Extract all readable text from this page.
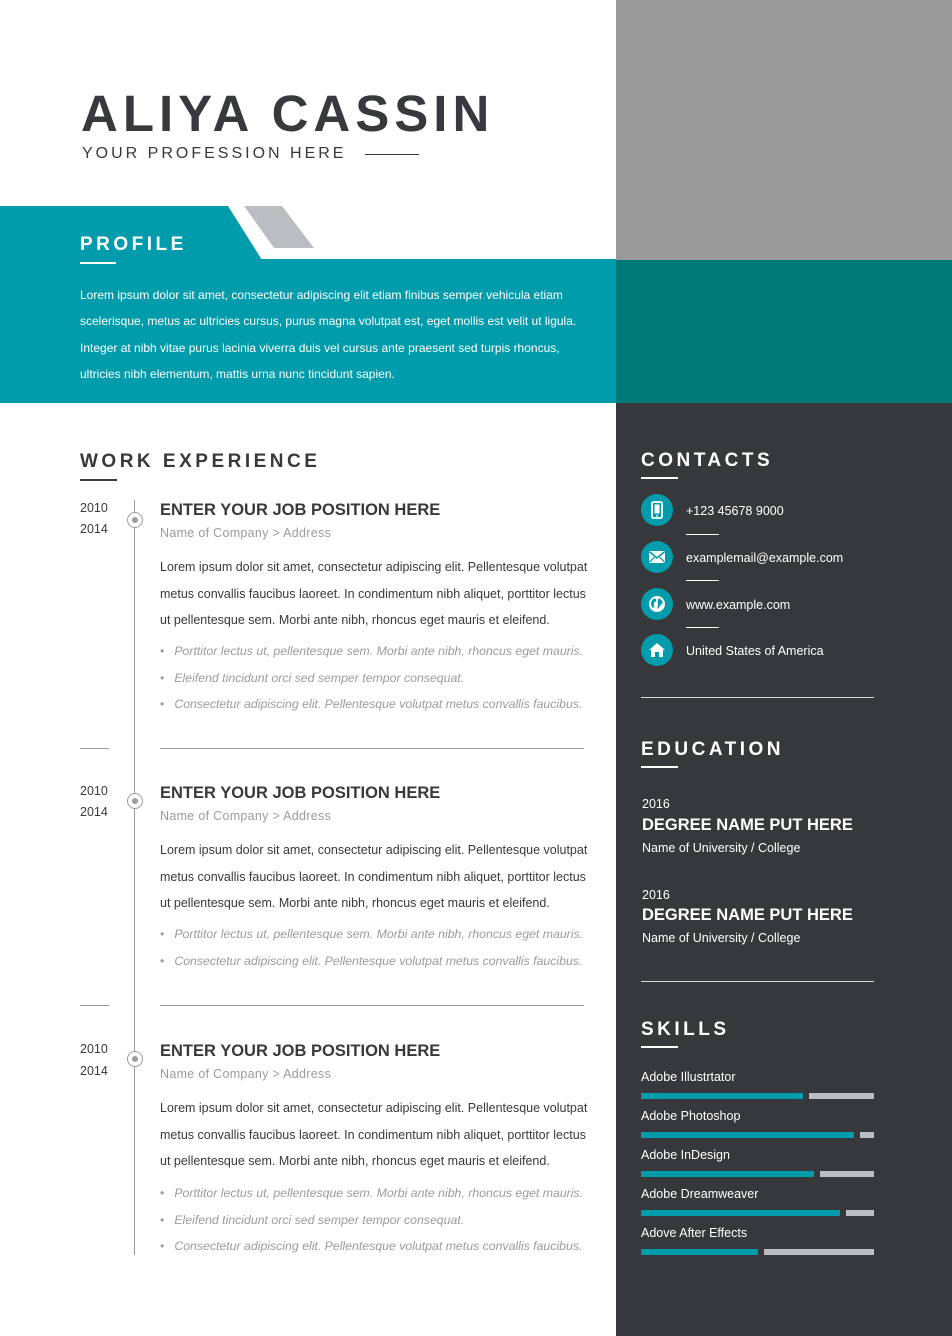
ALIYA CASSIN
YOUR PROFESSION HERE
PROFILE

Lorem ipsum dolor sit amet, consectetur adipiscing elit etiam finibus semper vehicula etiam scelerisque, metus ac ultricies cursus, purus magna volutpat est, eget mollis est velit ut ligula. Integer at nibh vitae purus lacinia viverra duis vel cursus ante praesent sed turpis rhoncus, ultricies nibh elementum, mattis urna nunc tincidunt sapien.

CONTACTS
+123 45678 9000
examplemail@example.com
www.example.com
United States of America
EDUCATION
2016
DEGREE NAME PUT HERE
Name of University / College
2016
DEGREE NAME PUT HERE
Name of University / College
SKILLS
Adobe Illustrtator
Adobe Photoshop
Adobe InDesign
Adobe Dreamweaver
Adove After Effects
WORK EXPERIENCE
2010
2014
ENTER YOUR JOB POSITION HERE
Name of Company > Address

Lorem ipsum dolor sit amet, consectetur adipiscing elit. Pellentesque volutpat metus convallis faucibus laoreet. In condimentum nibh aliquet, porttitor lectus ut pellentesque sem. Morbi ante nibh, rhoncus eget mauris et eleifend.

• Porttitor lectus ut, pellentesque sem. Morbi ante nibh, rhoncus eget mauris.
• Eleifend tincidunt orci sed semper tempor consequat.
• Consectetur adipiscing elit. Pellentesque volutpat metus convallis faucibus.
2010
2014
ENTER YOUR JOB POSITION HERE
Name of Company > Address

Lorem ipsum dolor sit amet, consectetur adipiscing elit. Pellentesque volutpat metus convallis faucibus laoreet. In condimentum nibh aliquet, porttitor lectus ut pellentesque sem. Morbi ante nibh, rhoncus eget mauris et eleifend.

• Porttitor lectus ut, pellentesque sem. Morbi ante nibh, rhoncus eget mauris.
• Consectetur adipiscing elit. Pellentesque volutpat metus convallis faucibus.
2010
2014
ENTER YOUR JOB POSITION HERE
Name of Company > Address

Lorem ipsum dolor sit amet, consectetur adipiscing elit. Pellentesque volutpat metus convallis faucibus laoreet. In condimentum nibh aliquet, porttitor lectus ut pellentesque sem. Morbi ante nibh, rhoncus eget mauris et eleifend.

• Porttitor lectus ut, pellentesque sem. Morbi ante nibh, rhoncus eget mauris.
• Eleifend tincidunt orci sed semper tempor consequat.
• Consectetur adipiscing elit. Pellentesque volutpat metus convallis faucibus.
